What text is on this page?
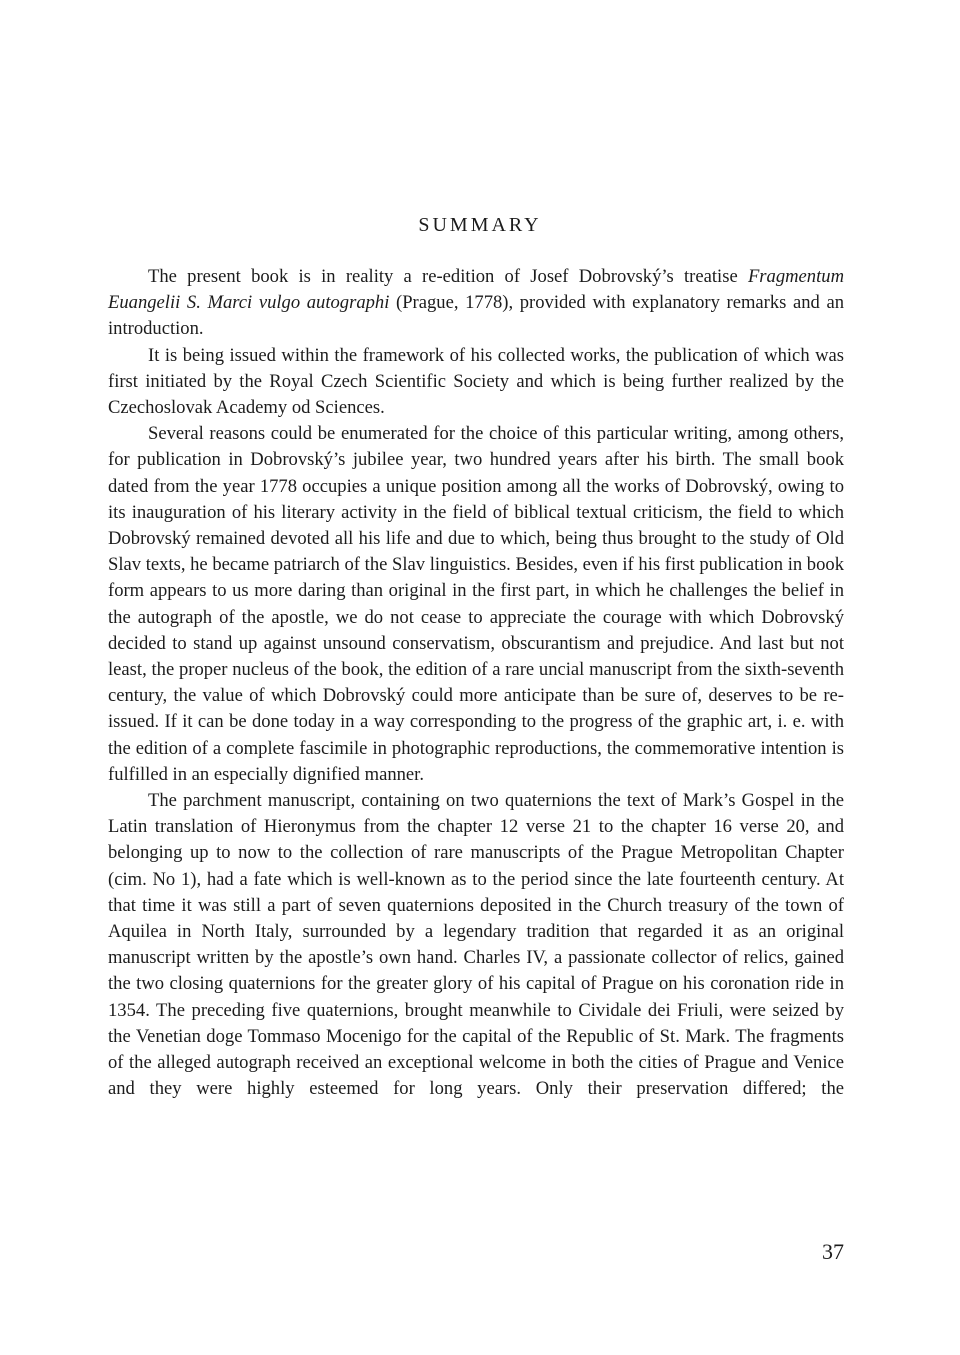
SUMMARY

The present book is in reality a re-edition of Josef Dobrovský’s treatise Fragmentum Euangelii S. Marci vulgo autographi (Prague, 1778), provided with explanatory remarks and an introduction.

It is being issued within the framework of his collected works, the publication of which was first initiated by the Royal Czech Scientific Society and which is being further realized by the Czechoslovak Academy od Sciences.

Several reasons could be enumerated for the choice of this particular writing, among others, for publication in Dobrovský’s jubilee year, two hundred years after his birth. The small book dated from the year 1778 occupies a unique position among all the works of Dobrovský, owing to its inauguration of his literary activity in the field of biblical textual criticism, the field to which Dobrovský remained devoted all his life and due to which, being thus brought to the study of Old Slav texts, he became patriarch of the Slav linguistics. Besides, even if his first publication in book form appears to us more daring than original in the first part, in which he challenges the belief in the autograph of the apostle, we do not cease to appreciate the courage with which Dobrovský decided to stand up against unsound conservatism, obscurantism and prejudice. And last but not least, the proper nucleus of the book, the edition of a rare uncial manuscript from the sixth-seventh century, the value of which Dobrovský could more anticipate than be sure of, deserves to be re-issued. If it can be done today in a way corresponding to the progress of the graphic art, i. e. with the edition of a complete fascimile in photographic reproductions, the commemorative intention is fulfilled in an especially dignified manner.

The parchment manuscript, containing on two quaternions the text of Mark’s Gospel in the Latin translation of Hieronymus from the chapter 12 verse 21 to the chapter 16 verse 20, and belonging up to now to the collection of rare manuscripts of the Prague Metropolitan Chapter (cim. No 1), had a fate which is well-known as to the period since the late fourteenth century. At that time it was still a part of seven quaternions deposited in the Church treasury of the town of Aquilea in North Italy, surrounded by a legendary tradition that regarded it as an original manuscript written by the apostle’s own hand. Charles IV, a passionate collector of relics, gained the two closing quaternions for the greater glory of his capital of Prague on his coronation ride in 1354. The preceding five quaternions, brought meanwhile to Cividale dei Friuli, were seized by the Venetian doge Tommaso Mocenigo for the capital of the Republic of St. Mark. The fragments of the alleged autograph received an exceptional welcome in both the cities of Prague and Venice and they were highly esteemed for long years. Only their preservation differed; the

37
